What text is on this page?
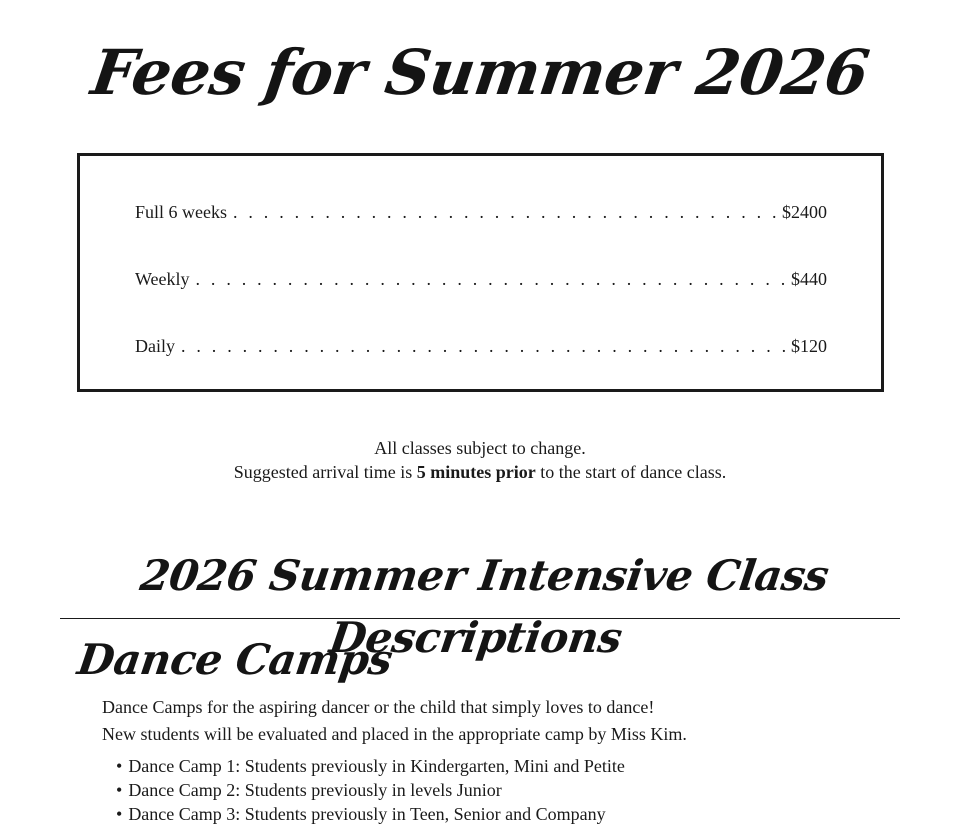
Fees for Summer 2026
Full 6 weeks . . .	$2400
Weekly . . .	$440
Daily . . .	$120

All classes subject to change.

Suggested arrival time is 5 minutes prior to the start of dance class.

2026 Summer Intensive Class Descriptions
Dance Camps

Dance Camps for the aspiring dancer or the child that simply loves to dance!

New students will be evaluated and placed in the appropriate camp by Miss Kim.

• Dance Camp 1: Students previously in Kindergarten, Mini and Petite
• Dance Camp 2: Students previously in levels Junior
• Dance Camp 3: Students previously in Teen, Senior and Company
